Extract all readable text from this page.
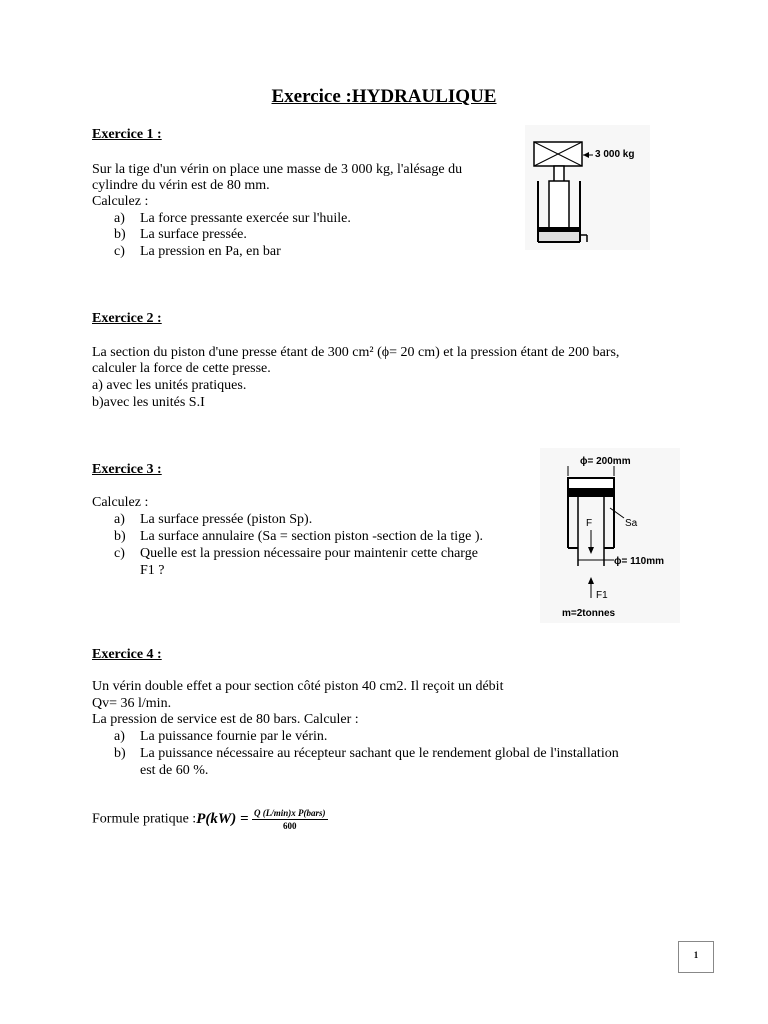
Exercice :HYDRAULIQUE
Exercice 1 :
Sur la tige d'un vérin on place une masse de 3 000 kg, l'alésage du
cylindre du vérin est de 80 mm.
Calculez :
a) La force pressante exercée sur l'huile.
b) La surface pressée.
c) La pression en Pa, en bar
3 000 kg
Exercice 2 :
La section du piston d'une presse étant de 300 cm² (ϕ= 20 cm) et la pression étant de 200 bars,
calculer la force de cette presse.
a) avec les unités pratiques.
b)avec les unités S.I
Exercice 3 :
Calculez :
a) La surface pressée (piston Sp).
b) La surface annulaire (Sa = section piston -section de la tige ).
c) Quelle est la pression nécessaire pour maintenir cette charge
F1 ?
ϕ= 200mm
F	Sa
ϕ= 110mm
F1
m=2tonnes
Exercice 4 :
Un vérin double effet a pour section côté piston 40 cm2. Il reçoit un débit
Qv= 36 l/min.
La pression de service est de 80 bars. Calculer :
a) La puissance fournie par le vérin.
b) La puissance nécessaire au récepteur sachant que le rendement global de l'installation
est de 60 %.
Formule pratique :P(kW) = $\frac{\text{Q (L/min)x P(bars)}}{600}$
1
